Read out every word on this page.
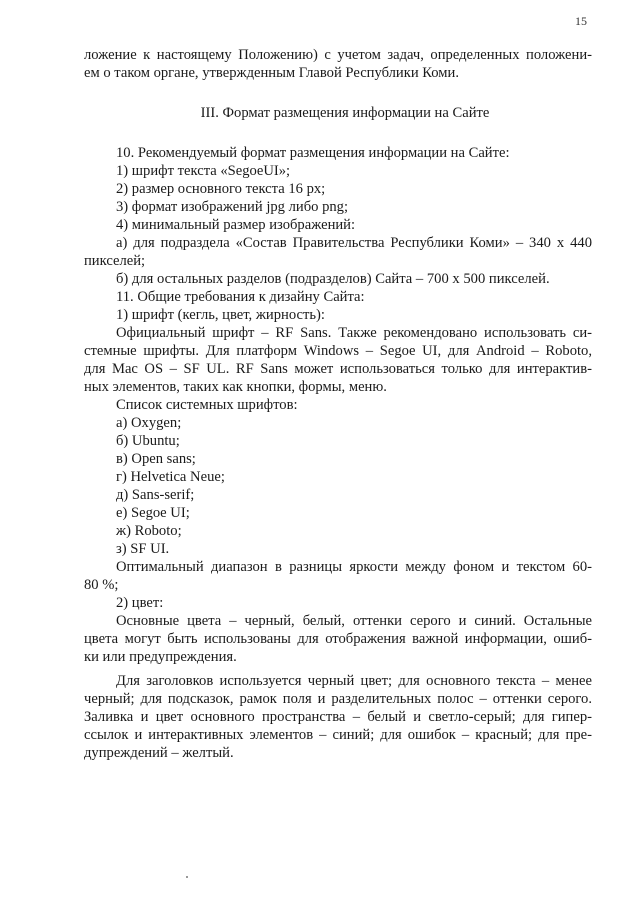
15
ложение к настоящему Положению) с учетом задач, определенных положени-
ем о таком органе, утвержденным Главой Республики Коми.
III. Формат размещения информации на Сайте
10. Рекомендуемый формат размещения информации на Сайте:
1) шрифт текста «SegoeUI»;
2) размер основного текста 16 px;
3) формат изображений jpg либо png;
4) минимальный размер изображений:
а) для подраздела «Состав Правительства Республики Коми» – 340 х 440
пикселей;
б) для остальных разделов (подразделов) Сайта – 700 х 500 пикселей.
11. Общие требования к дизайну Сайта:
1) шрифт (кегль, цвет, жирность):
Официальный шрифт – RF Sans. Также рекомендовано использовать си-
стемные шрифты. Для платформ Windows – Segoe UI, для Android – Roboto,
для Mac OS – SF UL. RF Sans может использоваться только для интерактив-
ных элементов, таких как кнопки, формы, меню.
Список системных шрифтов:
а) Oxygen;
б) Ubuntu;
в) Open sans;
г) Helvetica Neue;
д) Sans-serif;
е) Segoe UI;
ж) Roboto;
з) SF UI.
Оптимальный диапазон в разницы яркости между фоном и текстом 60-
80 %;
2) цвет:
Основные цвета – черный, белый, оттенки серого и синий. Остальные
цвета могут быть использованы для отображения важной информации, ошиб-
ки или предупреждения.
Для заголовков используется черный цвет; для основного текста – менее
черный; для подсказок, рамок поля и разделительных полос – оттенки серого.
Заливка и цвет основного пространства – белый и светло-серый; для гипер-
ссылок и интерактивных элементов – синий; для ошибок – красный; для пре-
дупреждений – желтый.
